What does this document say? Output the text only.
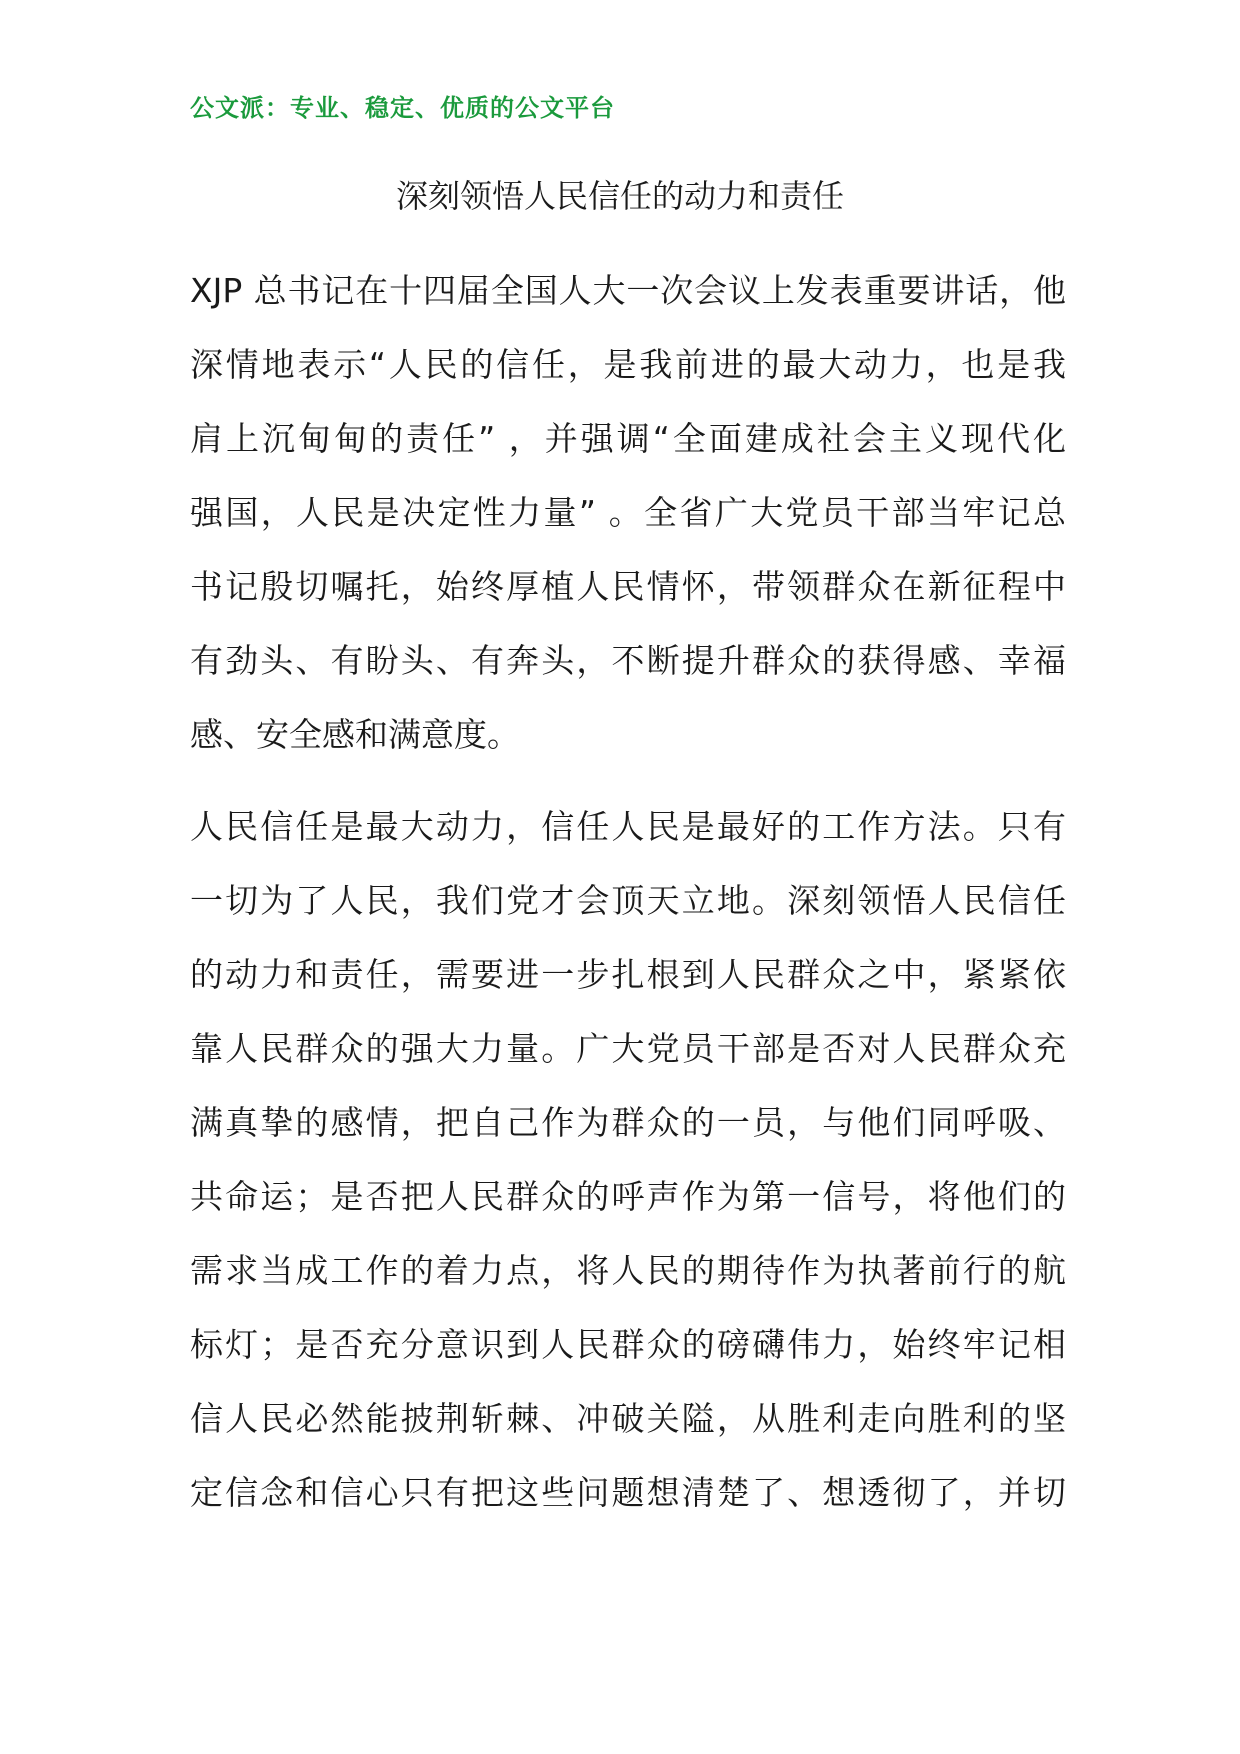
公文派：专业、稳定、优质的公文平台
深刻领悟人民信任的动力和责任
XJP 总书记在十四届全国人大一次会议上发表重要讲话，他
深情地表示“人民的信任，是我前进的最大动力，也是我
肩上沉甸甸的责任” ，并强调“全面建成社会主义现代化
强国，人民是决定性力量” 。全省广大党员干部当牢记总
书记殷切嘱托，始终厚植人民情怀，带领群众在新征程中
有劲头、有盼头、有奔头，不断提升群众的获得感、幸福
感、安全感和满意度。
人民信任是最大动力，信任人民是最好的工作方法。只有
一切为了人民，我们党才会顶天立地。深刻领悟人民信任
的动力和责任，需要进一步扎根到人民群众之中，紧紧依
靠人民群众的强大力量。广大党员干部是否对人民群众充
满真挚的感情，把自己作为群众的一员，与他们同呼吸、
共命运；是否把人民群众的呼声作为第一信号，将他们的
需求当成工作的着力点，将人民的期待作为执著前行的航
标灯；是否充分意识到人民群众的磅礴伟力，始终牢记相
信人民必然能披荆斩棘、冲破关隘，从胜利走向胜利的坚
定信念和信心只有把这些问题想清楚了、想透彻了，并切
